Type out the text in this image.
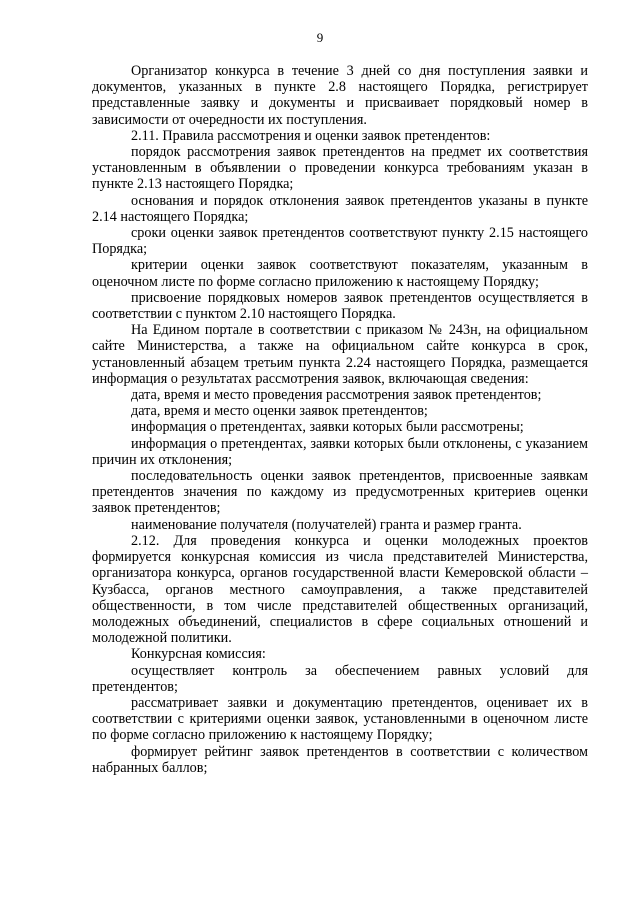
9

Организатор конкурса в течение 3 дней со дня поступления заявки и документов, указанных в пункте 2.8 настоящего Порядка, регистрирует представленные заявку и документы и присваивает порядковый номер в зависимости от очередности их поступления.

2.11. Правила рассмотрения и оценки заявок претендентов:

порядок рассмотрения заявок претендентов на предмет их соответствия установленным в объявлении о проведении конкурса требованиям указан в пункте 2.13 настоящего Порядка;

основания и порядок отклонения заявок претендентов указаны в пункте 2.14 настоящего Порядка;

сроки оценки заявок претендентов соответствуют пункту 2.15 настоящего Порядка;

критерии оценки заявок соответствуют показателям, указанным в оценочном листе по форме согласно приложению к настоящему Порядку;

присвоение порядковых номеров заявок претендентов осуществляется в соответствии с пунктом 2.10 настоящего Порядка.

На Едином портале в соответствии с приказом № 243н, на официальном сайте Министерства, а также на официальном сайте конкурса в срок, установленный абзацем третьим пункта 2.24 настоящего Порядка, размещается информация о результатах рассмотрения заявок, включающая сведения:

дата, время и место проведения рассмотрения заявок претендентов;

дата, время и место оценки заявок претендентов;

информация о претендентах, заявки которых были рассмотрены;

информация о претендентах, заявки которых были отклонены, с указанием причин их отклонения;

последовательность оценки заявок претендентов, присвоенные заявкам претендентов значения по каждому из предусмотренных критериев оценки заявок претендентов;

наименование получателя (получателей) гранта и размер гранта.

2.12. Для проведения конкурса и оценки молодежных проектов формируется конкурсная комиссия из числа представителей Министерства, организатора конкурса, органов государственной власти Кемеровской области – Кузбасса, органов местного самоуправления, а также представителей общественности, в том числе представителей общественных организаций, молодежных объединений, специалистов в сфере социальных отношений и молодежной политики.

Конкурсная комиссия:

осуществляет контроль за обеспечением равных условий для претендентов;

рассматривает заявки и документацию претендентов, оценивает их в соответствии с критериями оценки заявок, установленными в оценочном листе по форме согласно приложению к настоящему Порядку;

формирует рейтинг заявок претендентов в соответствии с количеством набранных баллов;
